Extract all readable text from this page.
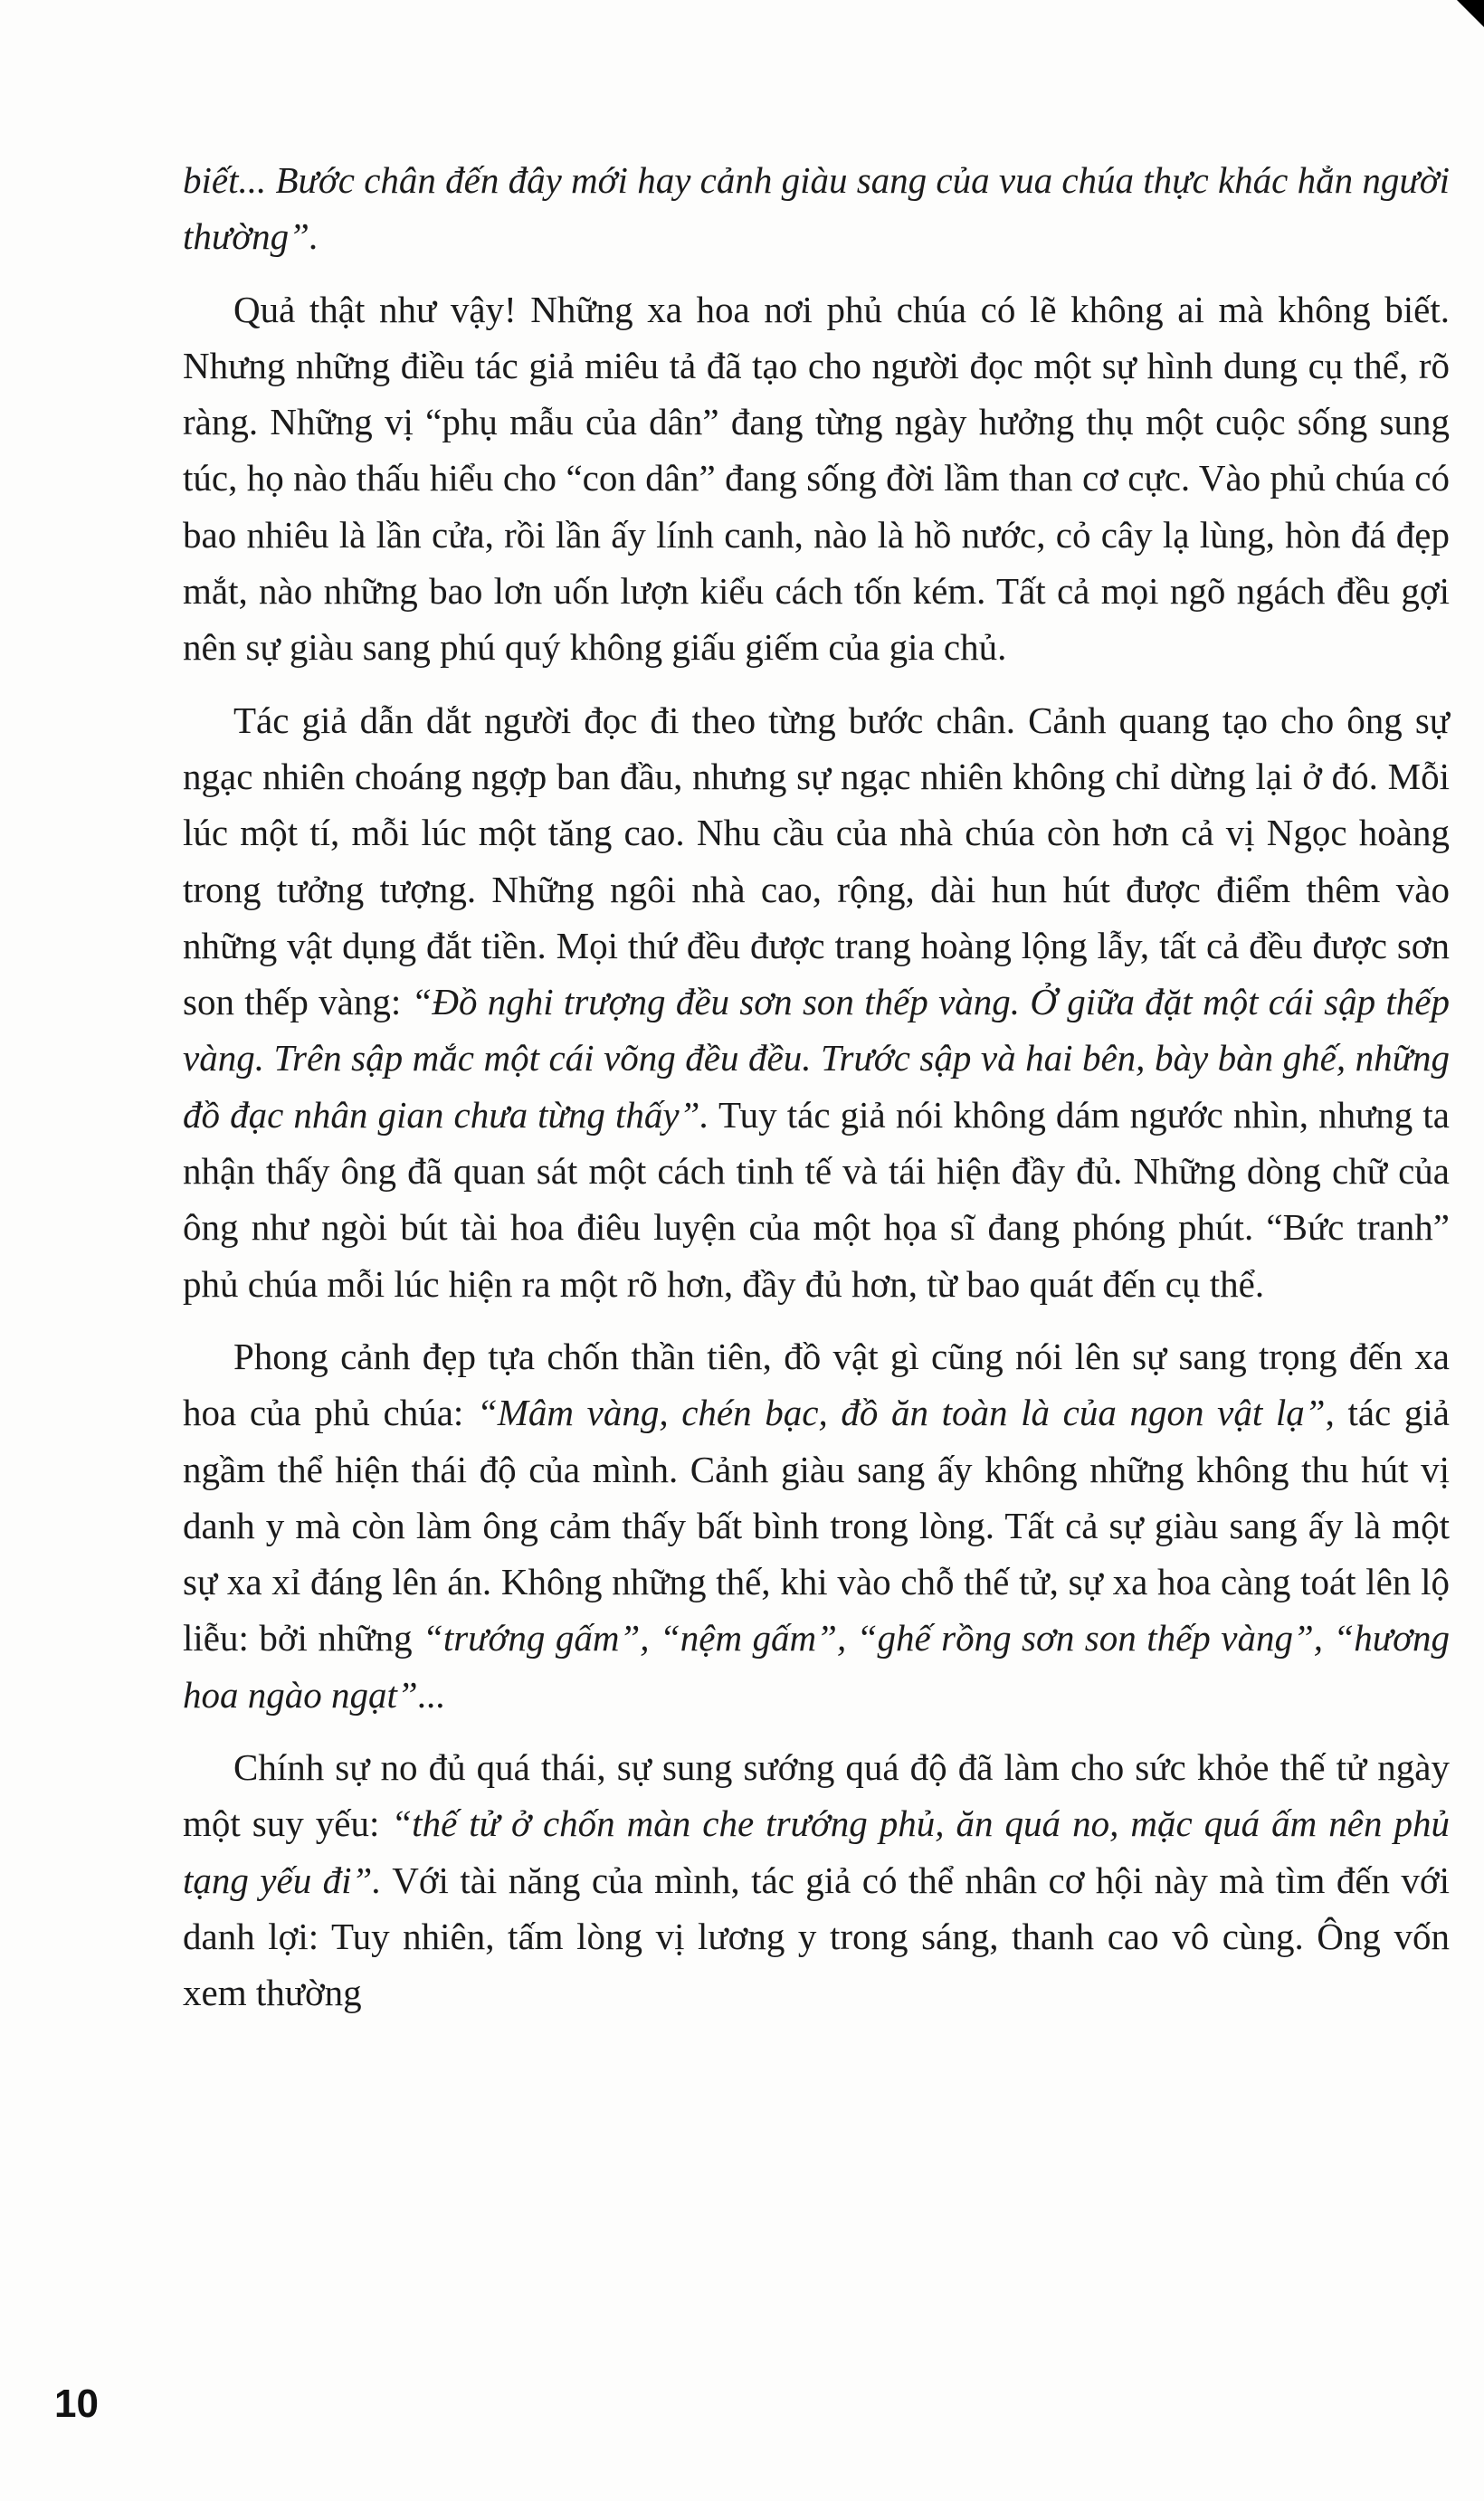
biết... Bước chân đến đây mới hay cảnh giàu sang của vua chúa thực khác hẳn người thường”.

Quả thật như vậy! Những xa hoa nơi phủ chúa có lẽ không ai mà không biết. Nhưng những điều tác giả miêu tả đã tạo cho người đọc một sự hình dung cụ thể, rõ ràng. Những vị “phụ mẫu của dân” đang từng ngày hưởng thụ một cuộc sống sung túc, họ nào thấu hiểu cho “con dân” đang sống đời lầm than cơ cực. Vào phủ chúa có bao nhiêu là lần cửa, rồi lần ấy lính canh, nào là hồ nước, cỏ cây lạ lùng, hòn đá đẹp mắt, nào những bao lơn uốn lượn kiểu cách tốn kém. Tất cả mọi ngõ ngách đều gợi nên sự giàu sang phú quý không giấu giếm của gia chủ.

Tác giả dẫn dắt người đọc đi theo từng bước chân. Cảnh quang tạo cho ông sự ngạc nhiên choáng ngợp ban đầu, nhưng sự ngạc nhiên không chỉ dừng lại ở đó. Mỗi lúc một tí, mỗi lúc một tăng cao. Nhu cầu của nhà chúa còn hơn cả vị Ngọc hoàng trong tưởng tượng. Những ngôi nhà cao, rộng, dài hun hút được điểm thêm vào những vật dụng đắt tiền. Mọi thứ đều được trang hoàng lộng lẫy, tất cả đều được sơn son thếp vàng: “Đồ nghi trượng đều sơn son thếp vàng. Ở giữa đặt một cái sập thếp vàng. Trên sập mắc một cái võng đều đều. Trước sập và hai bên, bày bàn ghế, những đồ đạc nhân gian chưa từng thấy”. Tuy tác giả nói không dám ngước nhìn, nhưng ta nhận thấy ông đã quan sát một cách tinh tế và tái hiện đầy đủ. Những dòng chữ của ông như ngòi bút tài hoa điêu luyện của một họa sĩ đang phóng phút. “Bức tranh” phủ chúa mỗi lúc hiện ra một rõ hơn, đầy đủ hơn, từ bao quát đến cụ thể.

Phong cảnh đẹp tựa chốn thần tiên, đồ vật gì cũng nói lên sự sang trọng đến xa hoa của phủ chúa: “Mâm vàng, chén bạc, đồ ăn toàn là của ngon vật lạ”, tác giả ngầm thể hiện thái độ của mình. Cảnh giàu sang ấy không những không thu hút vị danh y mà còn làm ông cảm thấy bất bình trong lòng. Tất cả sự giàu sang ấy là một sự xa xỉ đáng lên án. Không những thế, khi vào chỗ thế tử, sự xa hoa càng toát lên lộ liễu: bởi những “trướng gấm”, “nệm gấm”, “ghế rồng sơn son thếp vàng”, “hương hoa ngào ngạt”...

Chính sự no đủ quá thái, sự sung sướng quá độ đã làm cho sức khỏe thế tử ngày một suy yếu: “thế tử ở chốn màn che trướng phủ, ăn quá no, mặc quá ấm nên phủ tạng yếu đi”. Với tài năng của mình, tác giả có thể nhân cơ hội này mà tìm đến với danh lợi: Tuy nhiên, tấm lòng vị lương y trong sáng, thanh cao vô cùng. Ông vốn xem thường

10
